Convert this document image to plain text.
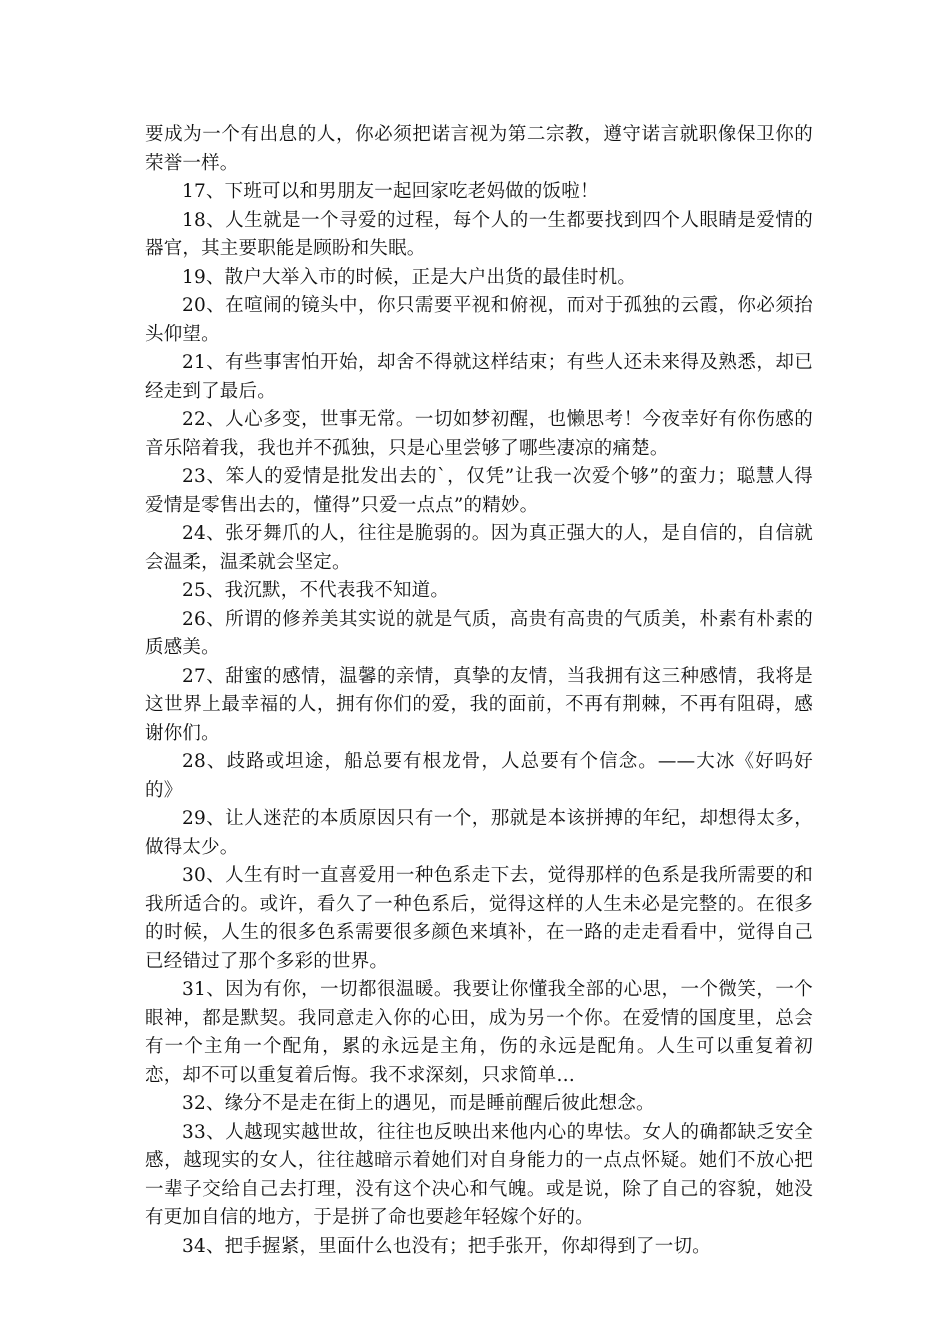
要成为一个有出息的人，你必须把诺言视为第二宗教，遵守诺言就职像保卫你的荣誉一样。

17、下班可以和男朋友一起回家吃老妈做的饭啦！

18、人生就是一个寻爱的过程，每个人的一生都要找到四个人眼睛是爱情的器官，其主要职能是顾盼和失眠。

19、散户大举入市的时候，正是大户出货的最佳时机。

20、在喧闹的镜头中，你只需要平视和俯视，而对于孤独的云霞，你必须抬头仰望。

21、有些事害怕开始，却舍不得就这样结束；有些人还未来得及熟悉，却已经走到了最后。

22、人心多变，世事无常。一切如梦初醒，也懒思考！今夜幸好有你伤感的音乐陪着我，我也并不孤独，只是心里尝够了哪些凄凉的痛楚。

23、笨人的爱情是批发出去的`，仅凭”让我一次爱个够”的蛮力；聪慧人得爱情是零售出去的，懂得”只爱一点点”的精妙。

24、张牙舞爪的人，往往是脆弱的。因为真正强大的人，是自信的，自信就会温柔，温柔就会坚定。

25、我沉默，不代表我不知道。

26、所谓的修养美其实说的就是气质，高贵有高贵的气质美，朴素有朴素的质感美。

27、甜蜜的感情，温馨的亲情，真挚的友情，当我拥有这三种感情，我将是这世界上最幸福的人，拥有你们的爱，我的面前，不再有荆棘，不再有阻碍，感谢你们。

28、歧路或坦途，船总要有根龙骨，人总要有个信念。——大冰《好吗好的》

29、让人迷茫的本质原因只有一个，那就是本该拼搏的年纪，却想得太多，做得太少。

30、人生有时一直喜爱用一种色系走下去，觉得那样的色系是我所需要的和我所适合的。或许，看久了一种色系后，觉得这样的人生未必是完整的。在很多的时候，人生的很多色系需要很多颜色来填补，在一路的走走看看中，觉得自己已经错过了那个多彩的世界。

31、因为有你，一切都很温暖。我要让你懂我全部的心思，一个微笑，一个眼神，都是默契。我同意走入你的心田，成为另一个你。在爱情的国度里，总会有一个主角一个配角，累的永远是主角，伤的永远是配角。人生可以重复着初恋，却不可以重复着后悔。我不求深刻，只求简单…

32、缘分不是走在街上的遇见，而是睡前醒后彼此想念。

33、人越现实越世故，往往也反映出来他内心的卑怯。女人的确都缺乏安全感，越现实的女人，往往越暗示着她们对自身能力的一点点怀疑。她们不放心把一辈子交给自己去打理，没有这个决心和气魄。或是说，除了自己的容貌，她没有更加自信的地方，于是拼了命也要趁年轻嫁个好的。

34、把手握紧，里面什么也没有；把手张开，你却得到了一切。
